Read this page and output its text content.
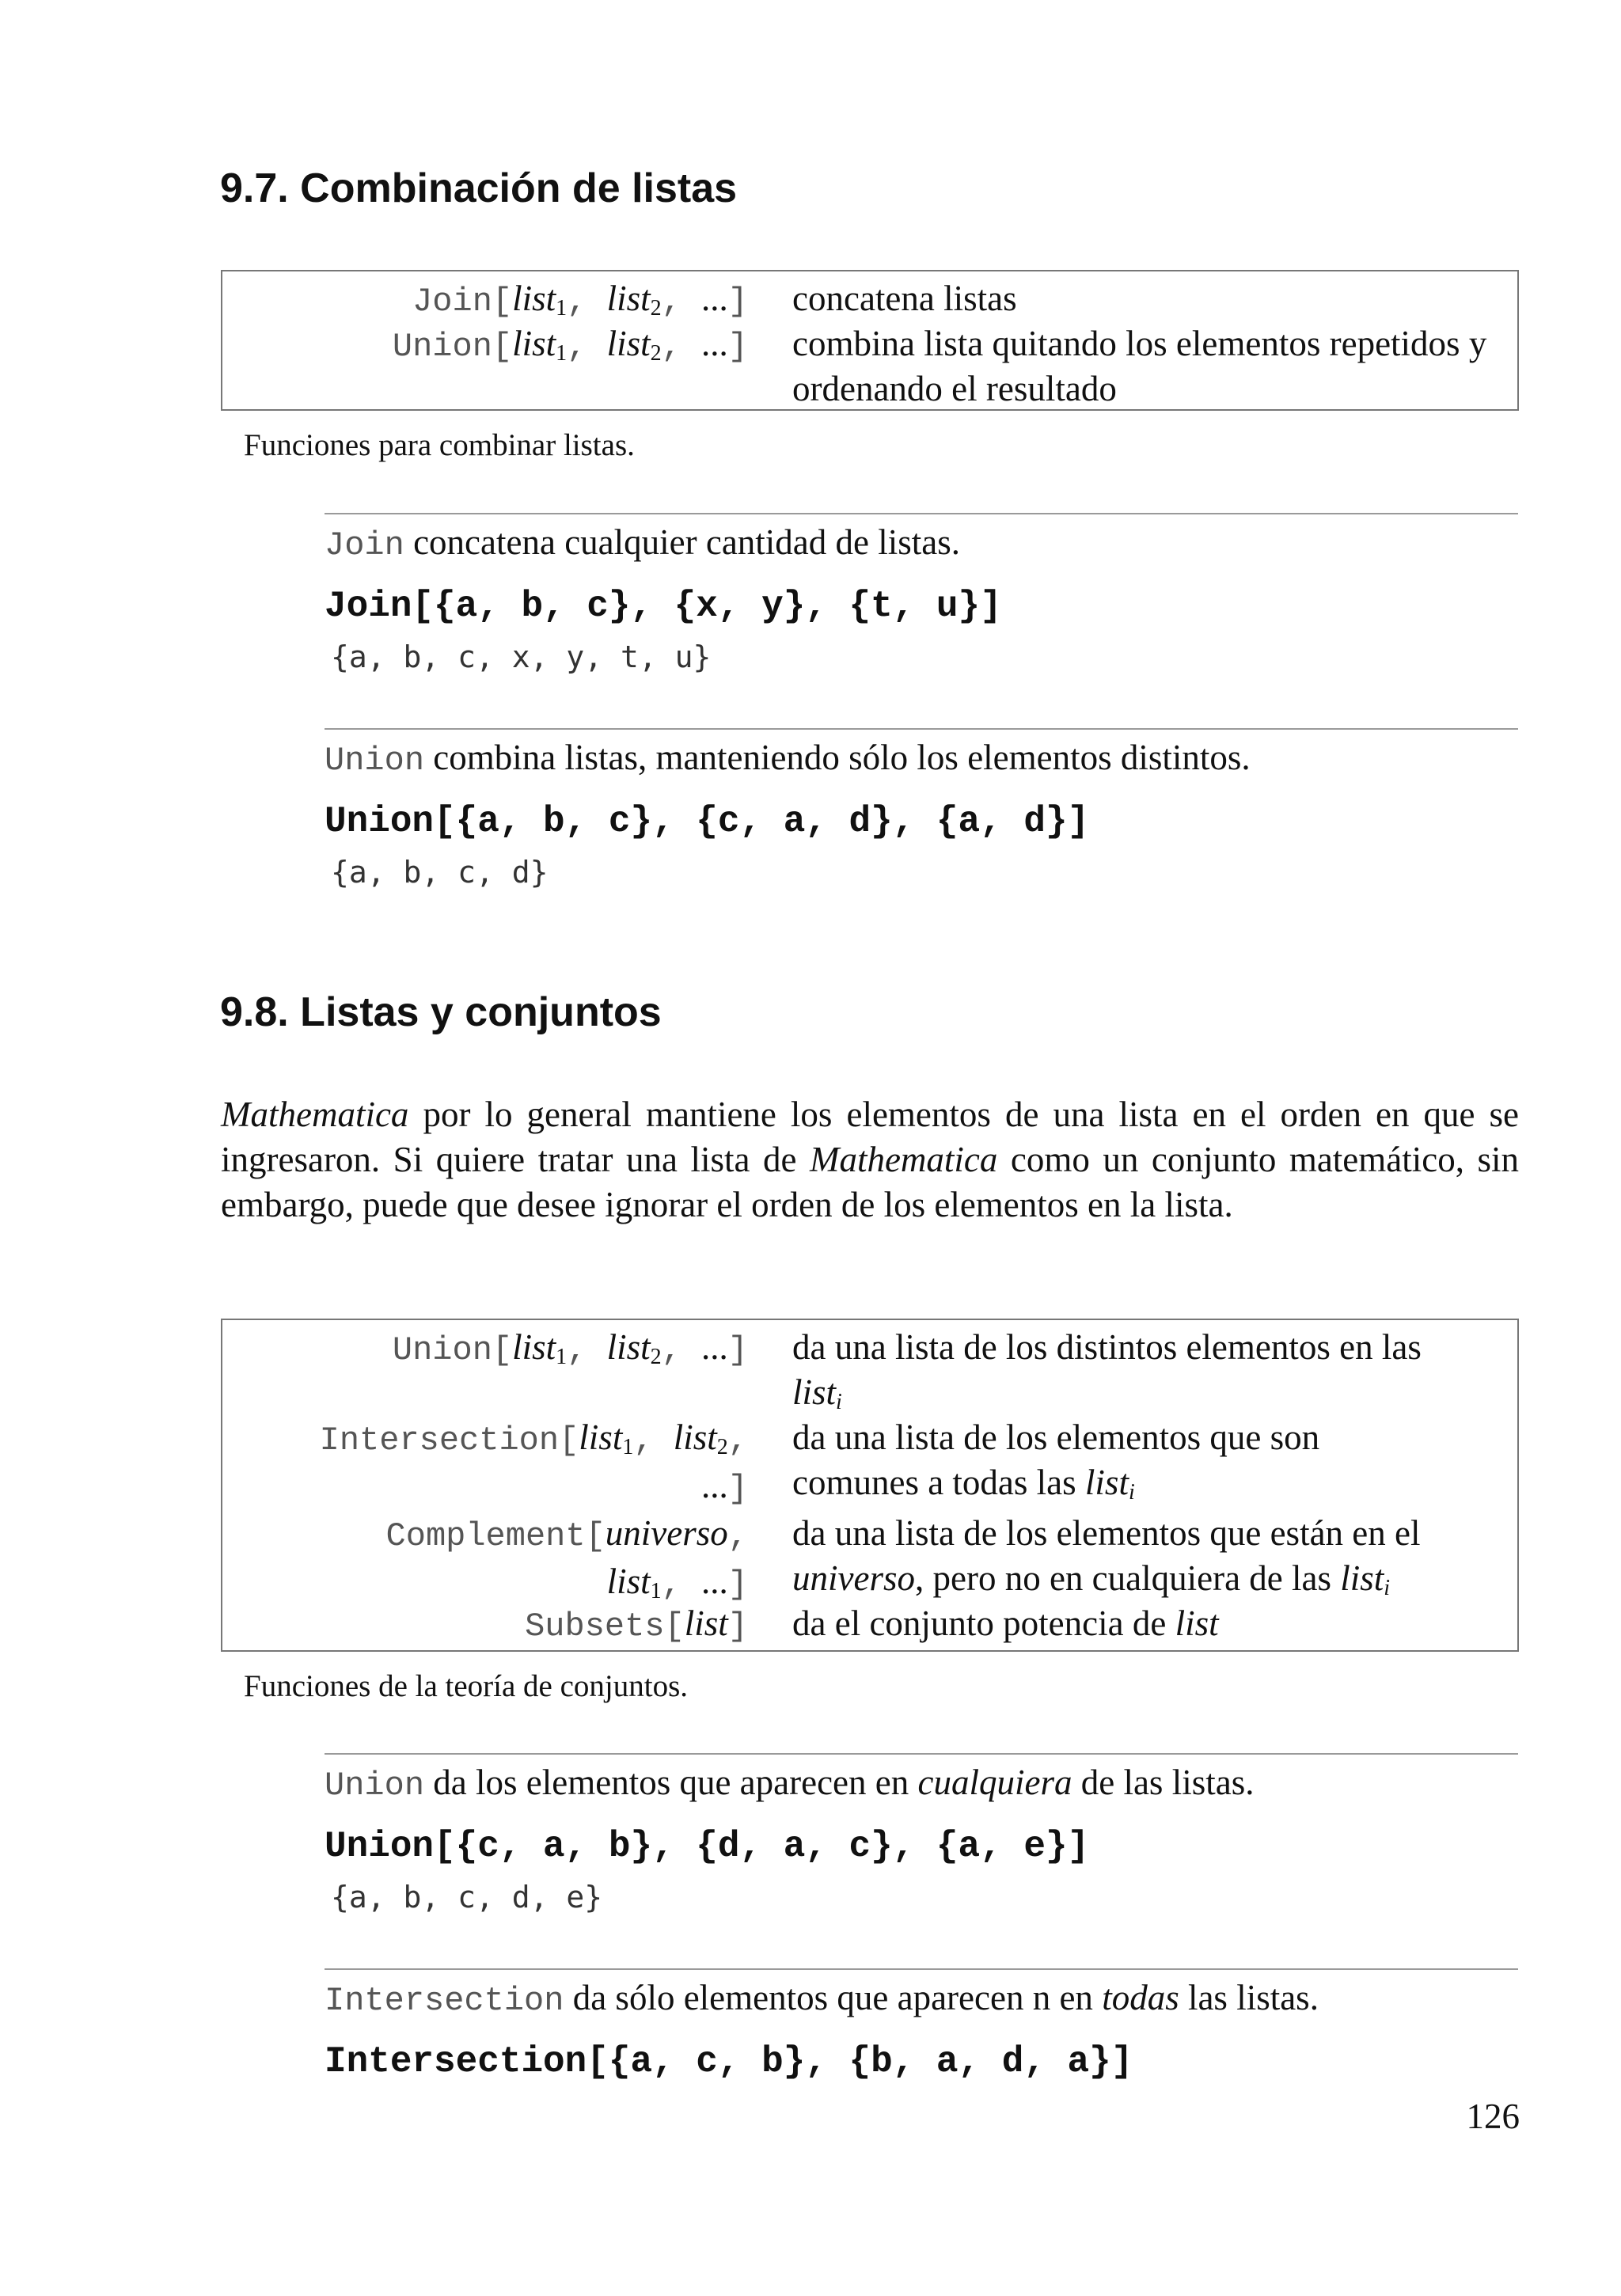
9.7. Combinación de listas
Join[list$_1$, list$_2$, ...] concatena listas
Union[list$_1$, list$_2$, ...] combina lista quitando los elementos repetidos y ordenando el resultado
Funciones para combinar listas.
Join concatena cualquier cantidad de listas.
Join[{a, b, c}, {x, y}, {t, u}]
{a, b, c, x, y, t, u}
Union combina listas, manteniendo sólo los elementos distintos.
Union[{a, b, c}, {c, a, d}, {a, d}]
{a, b, c, d}
9.8. Listas y conjuntos

Mathematica por lo general mantiene los elementos de una lista en el orden en que se ingresaron. Si quiere tratar una lista de Mathematica como un conjunto matemático, sin embargo, puede que desee ignorar el orden de los elementos en la lista.

Union[list$_1$, list$_2$, ...] da una lista de los distintos elementos en las
list$_i$
Intersection[list$_1$, list$_2$,
...]
da una lista de los elementos que son
comunes a todas las list$_i$
Complement[universo,
list$_1$, ...]
da una lista de los elementos que están en el
universo, pero no en cualquiera de las list$_i$
Subsets[list] da el conjunto potencia de list
Funciones de la teoría de conjuntos.
Union da los elementos que aparecen en cualquiera de las listas.
Union[{c, a, b}, {d, a, c}, {a, e}]
{a, b, c, d, e}
Intersection da sólo elementos que aparecen n en todas las listas.
Intersection[{a, c, b}, {b, a, d, a}]
126
